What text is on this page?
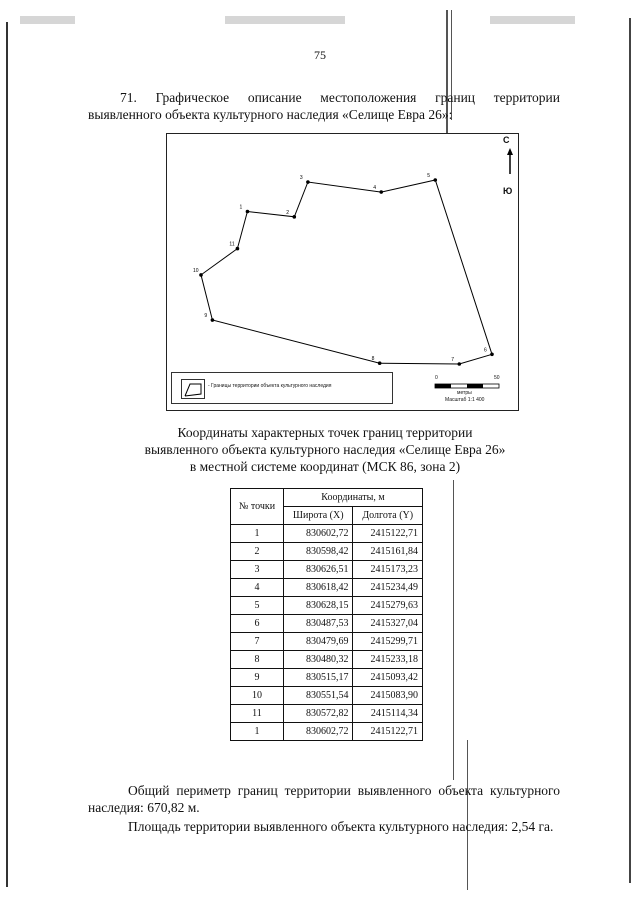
75
71. Графическое описание местоположения границ территории выявленного объекта культурного наследия «Селище Евра 26»:
1
2
3
4
5
6
7
8
9
10
11
С
Ю
- Границы территории объекта культурного наследия
0	50
метры
Масштаб 1:1 400
Координаты характерных точек границ территории
выявленного объекта культурного наследия «Селище Евра 26»
в местной системе координат (МСК 86, зона 2)
№ точки	Координаты, м	
	Широта (X)	Долгота (Y)
1	830602,72	2415122,71
2	830598,42	2415161,84
3	830626,51	2415173,23
4	830618,42	2415234,49
5	830628,15	2415279,63
6	830487,53	2415327,04
7	830479,69	2415299,71
8	830480,32	2415233,18
9	830515,17	2415093,42
10	830551,54	2415083,90
11	830572,82	2415114,34
1	830602,72	2415122,71
Общий периметр границ территории выявленного объекта культурного наследия: 670,82 м.
Площадь территории выявленного объекта культурного наследия: 2,54 га.
